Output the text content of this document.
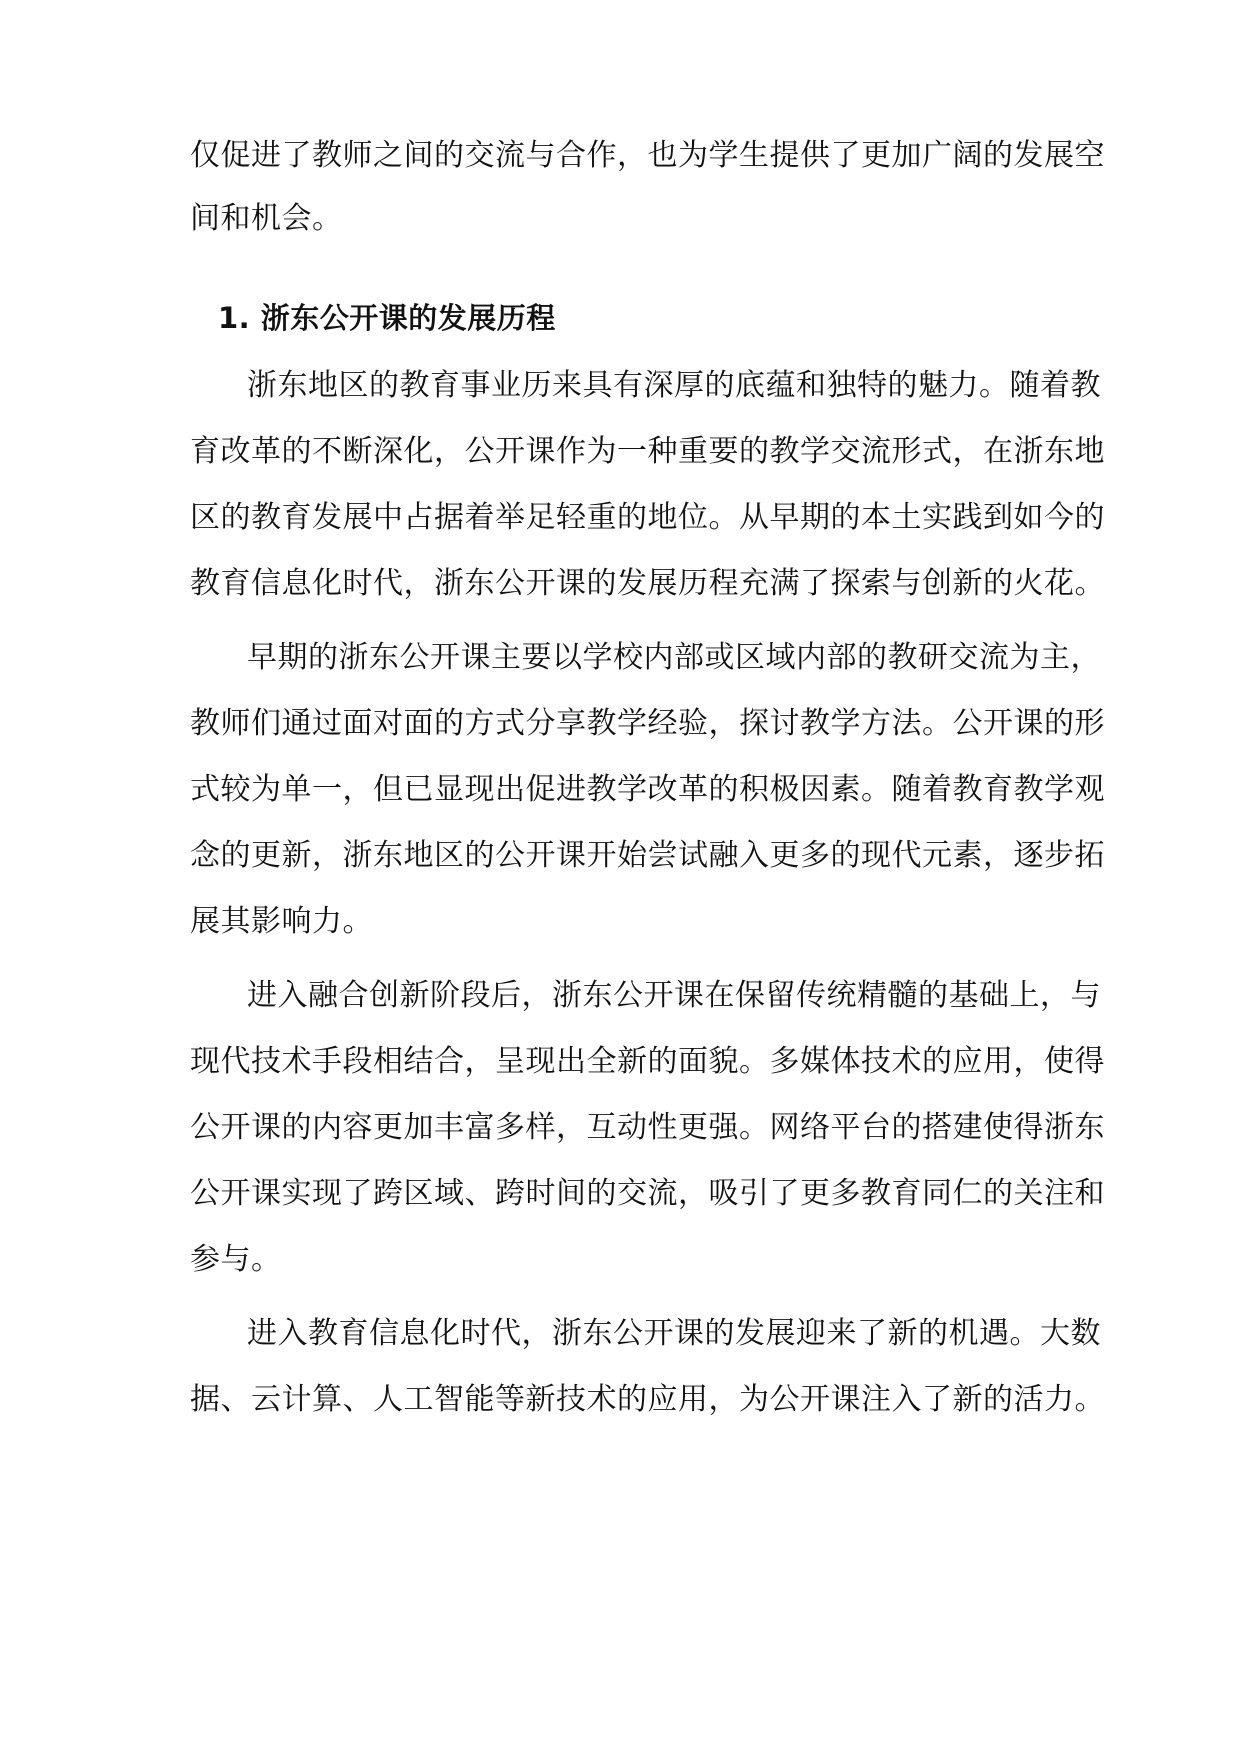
仅促进了教师之间的交流与合作，也为学生提供了更加广阔的发展空
间和机会。
1. 浙东公开课的发展历程
浙东地区的教育事业历来具有深厚的底蕴和独特的魅力。随着教
育改革的不断深化，公开课作为一种重要的教学交流形式，在浙东地
区的教育发展中占据着举足轻重的地位。从早期的本土实践到如今的
教育信息化时代，浙东公开课的发展历程充满了探索与创新的火花。
早期的浙东公开课主要以学校内部或区域内部的教研交流为主，
教师们通过面对面的方式分享教学经验，探讨教学方法。公开课的形
式较为单一，但已显现出促进教学改革的积极因素。随着教育教学观
念的更新，浙东地区的公开课开始尝试融入更多的现代元素，逐步拓
展其影响力。
进入融合创新阶段后，浙东公开课在保留传统精髓的基础上，与
现代技术手段相结合，呈现出全新的面貌。多媒体技术的应用，使得
公开课的内容更加丰富多样，互动性更强。网络平台的搭建使得浙东
公开课实现了跨区域、跨时间的交流，吸引了更多教育同仁的关注和
参与。
进入教育信息化时代，浙东公开课的发展迎来了新的机遇。大数
据、云计算、人工智能等新技术的应用，为公开课注入了新的活力。
